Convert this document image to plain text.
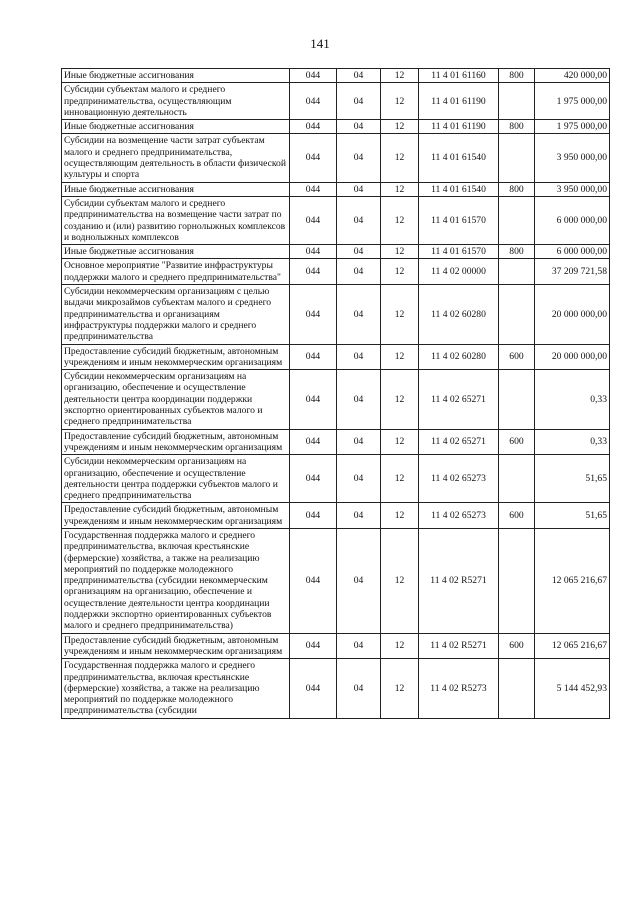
141
Иные бюджетные ассигнования	044	04	12	11 4 01 61160	800	420 000,00
Субсидии субъектам малого и среднего предпринимательства, осуществляющим инновационную деятельность	044	04	12	11 4 01 61190		1 975 000,00
Иные бюджетные ассигнования	044	04	12	11 4 01 61190	800	1 975 000,00
Субсидии на возмещение части затрат субъектам малого и среднего предпринимательства, осуществляющим деятельность в области физической культуры и спорта	044	04	12	11 4 01 61540		3 950 000,00
Иные бюджетные ассигнования	044	04	12	11 4 01 61540	800	3 950 000,00
Субсидии субъектам малого и среднего предпринимательства на возмещение части затрат по созданию и (или) развитию горнолыжных комплексов и воднолыжных комплексов	044	04	12	11 4 01 61570		6 000 000,00
Иные бюджетные ассигнования	044	04	12	11 4 01 61570	800	6 000 000,00
Основное мероприятие "Развитие инфраструктуры поддержки малого и среднего предпринимательства"	044	04	12	11 4 02 00000		37 209 721,58
Субсидии некоммерческим организациям с целью выдачи микрозаймов субъектам малого и среднего предпринимательства и организациям инфраструктуры поддержки малого и среднего предпринимательства	044	04	12	11 4 02 60280		20 000 000,00
Предоставление субсидий бюджетным, автономным учреждениям и иным некоммерческим организациям	044	04	12	11 4 02 60280	600	20 000 000,00
Субсидии некоммерческим организациям на организацию, обеспечение и осуществление деятельности центра координации поддержки экспортно ориентированных субъектов малого и среднего предпринимательства	044	04	12	11 4 02 65271		0,33
Предоставление субсидий бюджетным, автономным учреждениям и иным некоммерческим организациям	044	04	12	11 4 02 65271	600	0,33
Субсидии некоммерческим организациям на организацию, обеспечение и осуществление деятельности центра поддержки субъектов малого и среднего предпринимательства	044	04	12	11 4 02 65273		51,65
Предоставление субсидий бюджетным, автономным учреждениям и иным некоммерческим организациям	044	04	12	11 4 02 65273	600	51,65
Государственная поддержка малого и среднего предпринимательства, включая крестьянские (фермерские) хозяйства, а также на реализацию мероприятий по поддержке молодежного предпринимательства (субсидии некоммерческим организациям на организацию, обеспечение и осуществление деятельности центра координации поддержки экспортно ориентированных субъектов малого и среднего предпринимательства)	044	04	12	11 4 02 R5271		12 065 216,67
Предоставление субсидий бюджетным, автономным учреждениям и иным некоммерческим организациям	044	04	12	11 4 02 R5271	600	12 065 216,67
Государственная поддержка малого и среднего предпринимательства, включая крестьянские (фермерские) хозяйства, а также на реализацию мероприятий по поддержке молодежного предпринимательства (субсидии	044	04	12	11 4 02 R5273		5 144 452,93
